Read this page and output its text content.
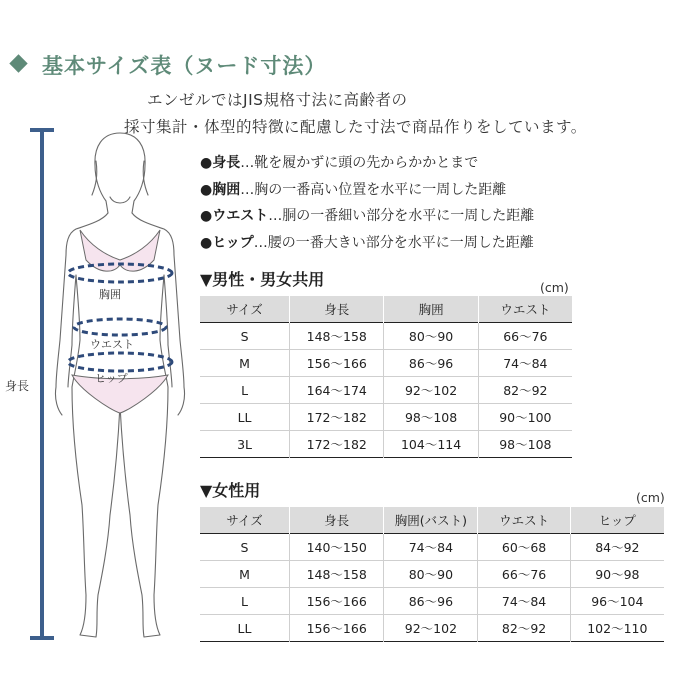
基本サイズ表（ヌード寸法）
エンゼルではJIS規格寸法に高齢者の
採寸集計・体型的特徴に配慮した寸法で商品作りをしています。
●身長…靴を履かずに頭の先からかかとまで
●胸囲…胸の一番高い位置を水平に一周した距離
●ウエスト…胴の一番細い部分を水平に一周した距離
●ヒップ…腰の一番大きい部分を水平に一周した距離
身長
胸囲
ウエスト
ヒップ
▼男性・男女共用	(cm)
サイズ	身長	胸囲	ウエスト
S	148〜158	80〜90	66〜76
M	156〜166	86〜96	74〜84
L	164〜174	92〜102	82〜92
LL	172〜182	98〜108	90〜100
3L	172〜182	104〜114	98〜108
▼女性用	(cm)
サイズ	身長	胸囲(バスト)	ウエスト	ヒップ
S	140〜150	74〜84	60〜68	84〜92
M	148〜158	80〜90	66〜76	90〜98
L	156〜166	86〜96	74〜84	96〜104
LL	156〜166	92〜102	82〜92	102〜110
